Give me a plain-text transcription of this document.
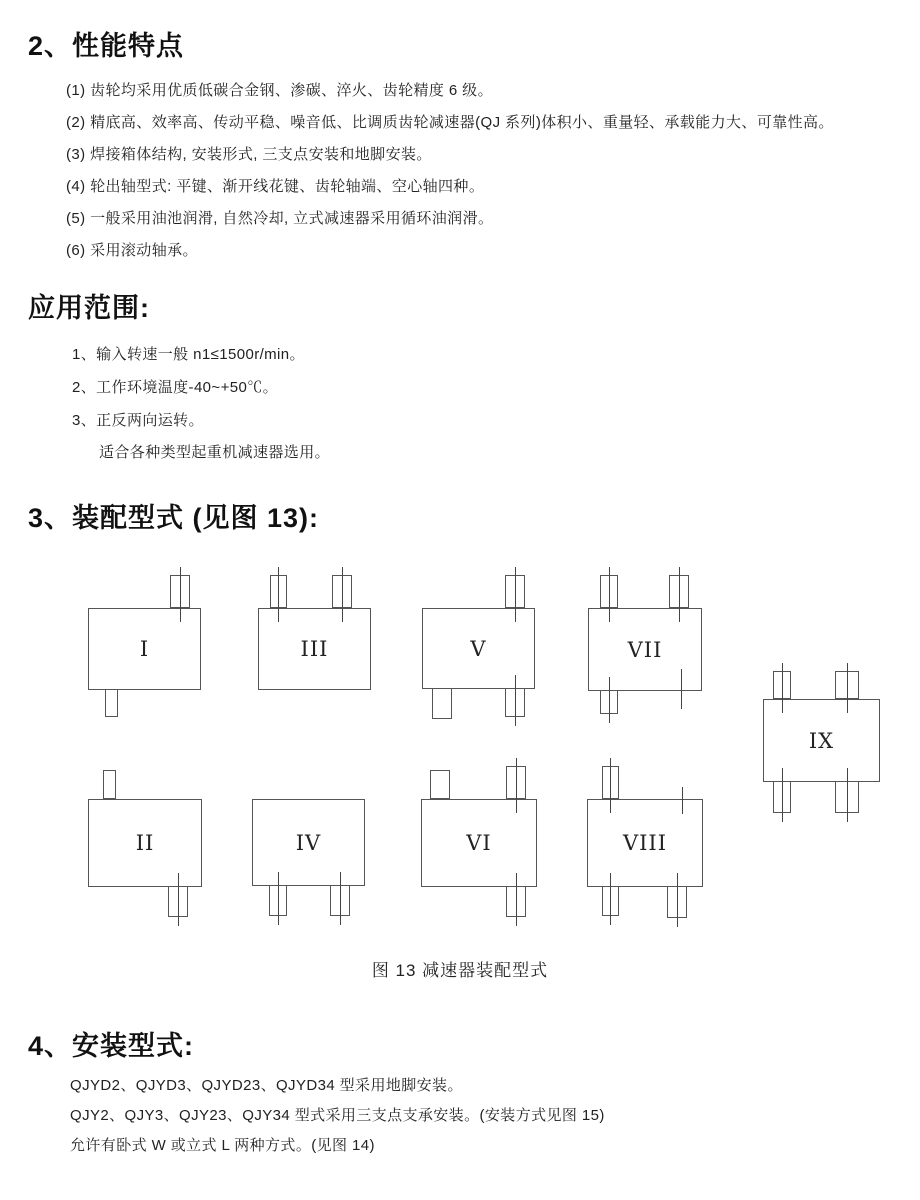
2、性能特点
(1) 齿轮均采用优质低碳合金钢、渗碳、淬火、齿轮精度 6 级。
(2) 精底高、效率高、传动平稳、噪音低、比调质齿轮减速器(QJ 系列)体积小、重量轻、承载能力大、可靠性高。
(3) 焊接箱体结构, 安装形式, 三支点安装和地脚安装。
(4) 轮出轴型式: 平键、渐开线花键、齿轮轴端、空心轴四种。
(5) 一般采用油池润滑, 自然冷却, 立式减速器采用循环油润滑。
(6) 采用滚动轴承。
应用范围:
1、输入转速一般 n1≤1500r/min。
2、工作环境温度-40~+50℃。
3、正反两向运转。
适合各种类型起重机减速器选用。
3、装配型式 (见图 13):
I	III	V	VII
IX
II	IV	VI	VIII
图 13 减速器装配型式
4、安装型式:
QJYD2、QJYD3、QJYD23、QJYD34 型采用地脚安装。
QJY2、QJY3、QJY23、QJY34 型式采用三支点支承安装。(安装方式见图 15)
允许有卧式 W 或立式 L 两种方式。(见图 14)
